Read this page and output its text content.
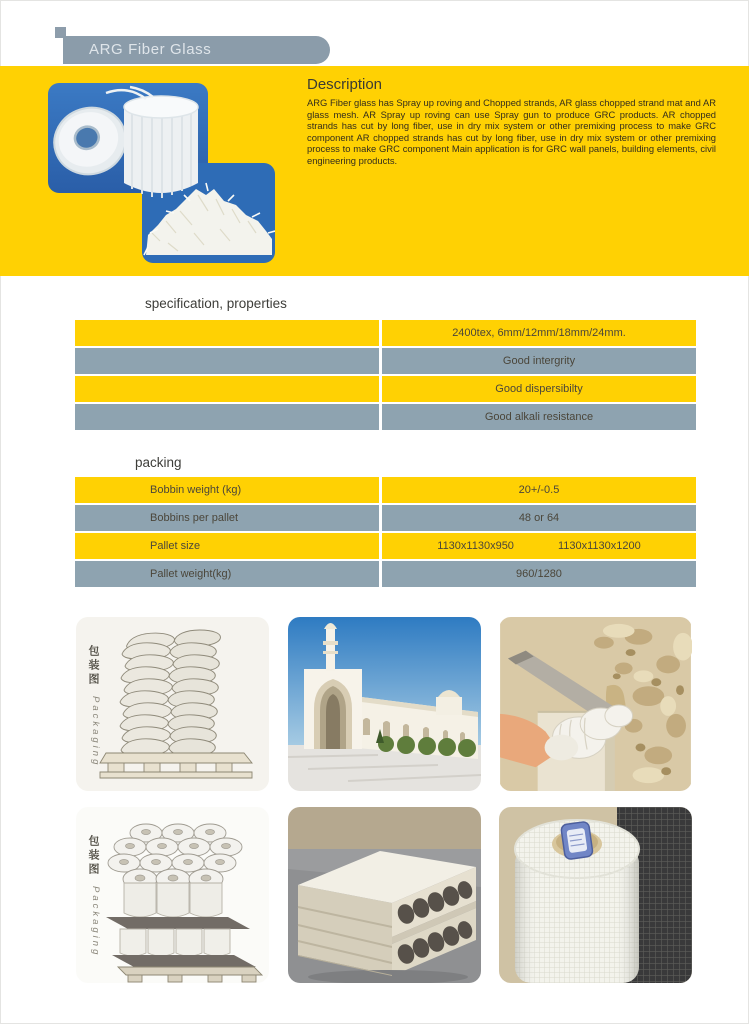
ARG Fiber Glass
Description
ARG Fiber glass has Spray up roving and Chopped strands, AR glass chopped strand mat and AR glass mesh. AR Spray up roving can use Spray gun to produce GRC products. AR chopped strands has cut by long fiber, use in dry mix system or other premixing process to make GRC component AR chopped strands has cut by long fiber, use in dry mix system or other premixing process to make GRC component Main application is for GRC wall panels, building elements, civil engineering products.
specification, properties
2400tex, 6mm/12mm/18mm/24mm.
Good intergrity
Good dispersibilty
Good alkali resistance
packing
Bobbin weight (kg)	20+/-0.5
Bobbins per pallet	48 or 64
Pallet size	1130x1130x950	1130x1130x1200
Pallet weight(kg)	960/1280
包装图
Packaging
包装图
Packaging
